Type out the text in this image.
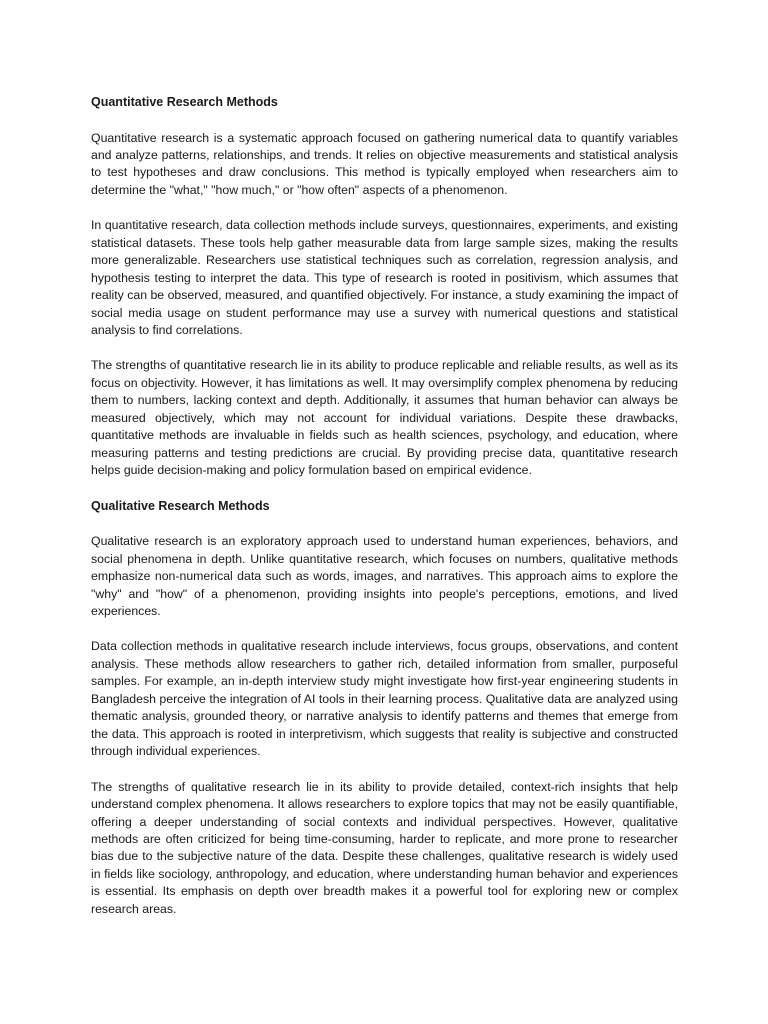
Quantitative Research Methods

Quantitative research is a systematic approach focused on gathering numerical data to quantify variables and analyze patterns, relationships, and trends. It relies on objective measurements and statistical analysis to test hypotheses and draw conclusions. This method is typically employed when researchers aim to determine the "what," "how much," or "how often" aspects of a phenomenon.

In quantitative research, data collection methods include surveys, questionnaires, experiments, and existing statistical datasets. These tools help gather measurable data from large sample sizes, making the results more generalizable. Researchers use statistical techniques such as correlation, regression analysis, and hypothesis testing to interpret the data. This type of research is rooted in positivism, which assumes that reality can be observed, measured, and quantified objectively. For instance, a study examining the impact of social media usage on student performance may use a survey with numerical questions and statistical analysis to find correlations.

The strengths of quantitative research lie in its ability to produce replicable and reliable results, as well as its focus on objectivity. However, it has limitations as well. It may oversimplify complex phenomena by reducing them to numbers, lacking context and depth. Additionally, it assumes that human behavior can always be measured objectively, which may not account for individual variations. Despite these drawbacks, quantitative methods are invaluable in fields such as health sciences, psychology, and education, where measuring patterns and testing predictions are crucial. By providing precise data, quantitative research helps guide decision-making and policy formulation based on empirical evidence.

Qualitative Research Methods

Qualitative research is an exploratory approach used to understand human experiences, behaviors, and social phenomena in depth. Unlike quantitative research, which focuses on numbers, qualitative methods emphasize non-numerical data such as words, images, and narratives. This approach aims to explore the "why" and "how" of a phenomenon, providing insights into people's perceptions, emotions, and lived experiences.

Data collection methods in qualitative research include interviews, focus groups, observations, and content analysis. These methods allow researchers to gather rich, detailed information from smaller, purposeful samples. For example, an in-depth interview study might investigate how first-year engineering students in Bangladesh perceive the integration of AI tools in their learning process. Qualitative data are analyzed using thematic analysis, grounded theory, or narrative analysis to identify patterns and themes that emerge from the data. This approach is rooted in interpretivism, which suggests that reality is subjective and constructed through individual experiences.

The strengths of qualitative research lie in its ability to provide detailed, context-rich insights that help understand complex phenomena. It allows researchers to explore topics that may not be easily quantifiable, offering a deeper understanding of social contexts and individual perspectives. However, qualitative methods are often criticized for being time-consuming, harder to replicate, and more prone to researcher bias due to the subjective nature of the data. Despite these challenges, qualitative research is widely used in fields like sociology, anthropology, and education, where understanding human behavior and experiences is essential. Its emphasis on depth over breadth makes it a powerful tool for exploring new or complex research areas.
